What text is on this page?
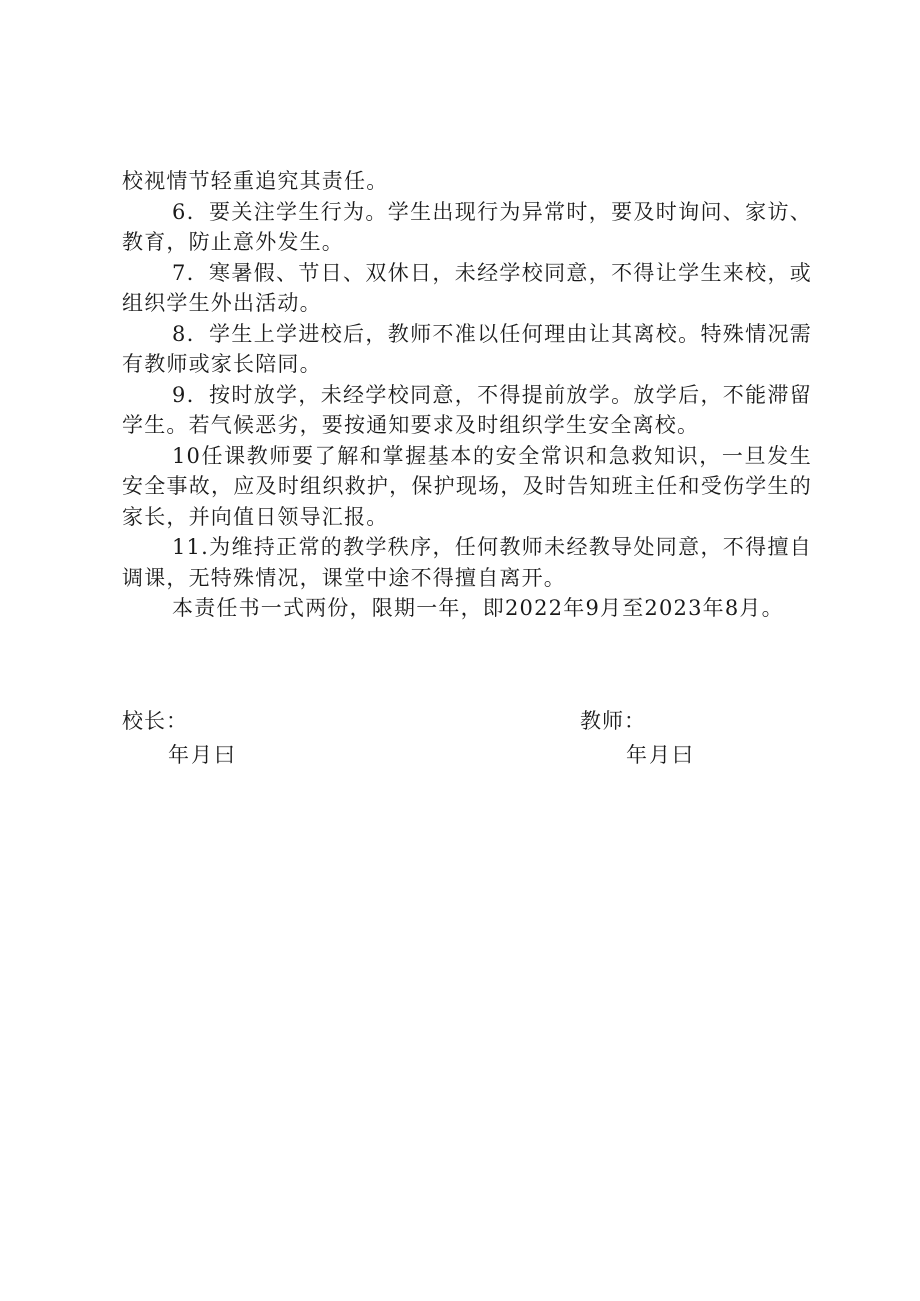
校视情节轻重追究其责任。

6．要关注学生行为。学生出现行为异常时，要及时询问、家访、教育，防止意外发生。

7．寒暑假、节日、双休日，未经学校同意，不得让学生来校，或组织学生外出活动。

8．学生上学进校后，教师不准以任何理由让其离校。特殊情况需有教师或家长陪同。

9．按时放学，未经学校同意，不得提前放学。放学后，不能滞留学生。若气候恶劣，要按通知要求及时组织学生安全离校。

10任课教师要了解和掌握基本的安全常识和急救知识，一旦发生安全事故，应及时组织救护，保护现场，及时告知班主任和受伤学生的家长，并向值日领导汇报。

11.为维持正常的教学秩序，任何教师未经教导处同意，不得擅自调课，无特殊情况，课堂中途不得擅自离开。

本责任书一式两份，限期一年，即2022年9月至2023年8月。

校长：
年月曰
教师：
年月曰
